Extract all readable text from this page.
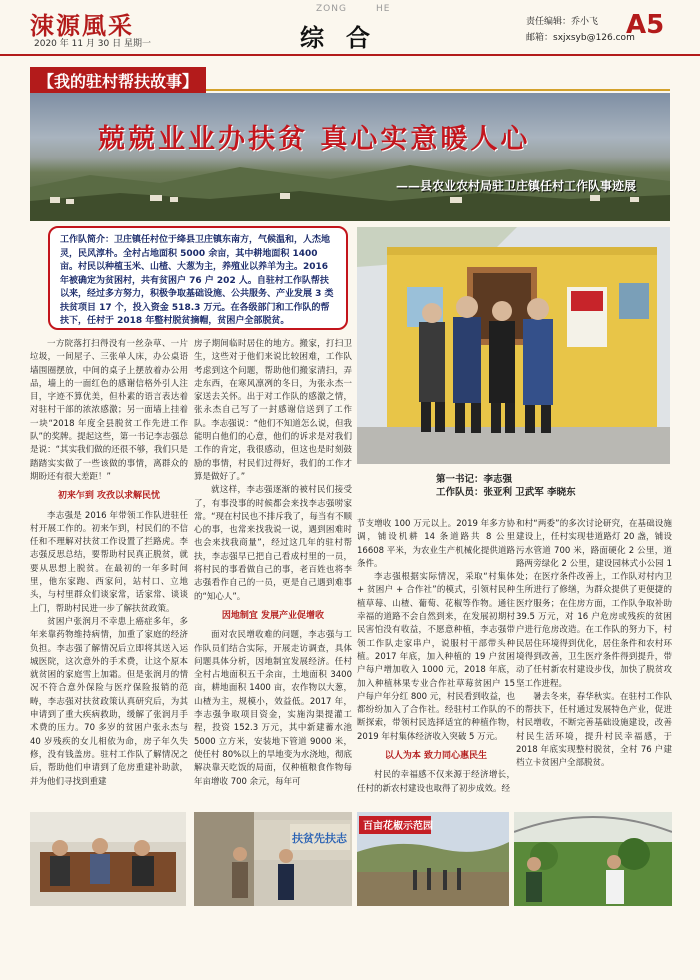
涑源風采
2020 年 11 月 30 日 星期一
ZONG	HE
综合
责任编辑：乔小飞
邮箱：sxjxsyb@126.com
A5
【我的驻村帮扶故事】
兢兢业业办扶贫 真心实意暖人心
——县农业农村局驻卫庄镇任村工作队事迹展
工作队简介：卫庄镇任村位于绛县卫庄镇东南方，气候温和，人杰地灵，民风淳朴。全村占地面积 5000 余亩，其中耕地面积 1400 亩。村民以种植玉米、山楂、大葱为主，养殖业以养羊为主。2016 年被确定为贫困村，共有贫困户 76 户 202 人。自驻村工作队帮扶以来，经过多方努力，积极争取基础设施、公共服务、产业发展 3 类扶贫项目 17 个，投入资金 518.3 万元。在各级部门和工作队的帮扶下，任村于 2018 年整村脱贫摘帽，贫困户全部脱贫。
第一书记：李志强
工作队员：张亚利 卫武军 李晓东

一方院落打扫得没有一丝杂草、一片垃圾，一间屋子、三张单人床，办公桌语墙围圈摆放，中间的桌子上摆放着办公用品，墙上的一面红色的感谢信格外引人注目，字迹不算优美，但朴素的语言表达着对驻村干部的浓浓感激；另一面墙上挂着一块“2018 年度全县脱贫工作先进工作队”的奖牌。提起这些，第一书记李志强总是说：“其实我们做的还很不够，我们只是踏踏实实做了一些该做的事情，离群众的期盼还有很大差距！”

初来乍到 攻孜以求解民忧

李志强是 2016 年带领工作队进驻任村开展工作的。初来乍到，村民们的不信任和不理解对扶贫工作设置了拦路虎。李志强反思总结，要帮助村民真正脱贫，就要从思想上脱贫。在最初的一年多时间里，他东家跑、西家问，站村口、立地头，与村里群众们谈家常，话家常、谈谈上门，帮助村民进一步了解扶贫政策。

贫困户张润月不幸患上癌症多年，多年来靠药物维持病情，加重了家庭的经济负担。李志强了解情况后立即将其送入运城医院，这次意外的手术费，让这个原本就贫困的家庭雪上加霜。但是张润月的情况不符合意外保险与医疗保险报销的范畴，李志强对扶贫政策认真研究后，为其申请到了重大疾病救助，缓解了张润月手术费的压力。70 多岁的贫困户张永杰与 40 岁残疾的女儿相依为命，房子年久失修，没有钱盖房。驻村工作队了解情况之后，帮助他们申请到了危房重建补助款，并为他们寻找到重建

房子期间临时居住的地方。搬家，打扫卫生，这些对于他们来说比较困难，工作队考虑到这个问题，帮助他们搬家清扫，弄走东西，在寒风凛冽的冬日，为张永杰一家送去关怀。出于对工作队的感激之情，张永杰自己写了一封感谢信送到了工作队。李志强说：“他们不知道怎么说，但我能明白他们的心意，他们的诉求是对我们工作的肯定，我很感动，但这也是时刻鼓励的事情，村民们过得好，我们的工作才算是做好了。”

就这样，李志强逐渐的被村民们接受了，有事没事的时候都会来找李志强唠家常。“现在村民也不排斥我了，每当有不顺心的事，也常来找我说一说，遇到困难时也会来找我商量”，经过这几年的驻村帮扶，李志强早已把自己看成村里的一员，将村民的事看做自己的事，老百姓也将李志强看作自己的一员，更是自己遇到难事的“知心人”。

因地制宜 发展产业促增收

面对农民增收难的问题，李志强与工作队员们结合实际，开展走访调查，具体问题具体分析，因地制宜发展经济。任村全村占地面积五千余亩，土地面积 3400 亩，耕地面积 1400 亩，农作物以大葱，山楂为主，规模小，效益低。2017 年，李志强争取项目资金，实施沟渠提灌工程，投资 152.3 万元，其中新建蓄水池 5000 立方米，安装地下管道 9000 米，使任村 80%以上的旱地变为水浇地，彻底解决靠天吃饭的局面，仅种植粮食作物每年亩增收 700 余元，每年可

节支增收 100 万元以上。2019 年多方协调，铺设机耕 14 条道路共 8 公里 16608 平米，为农业生产机械化提供道路条件。

李志强根据实际情况，采取“村集体 + 贫困户 + 合作社”的模式，引领村民种植草莓、山楂、葡萄、花椒等作物。通往幸福的道路不会自然到来，在发展初期村民害怕没有收益，不愿意种植，李志强带领工作队走家串户，说服村干部带头种植。2017 年底，加入种植的 19 户贫困户每户增加收入 1000 元，2018 年底，加入种植林果专业合作社草莓贫困户 15 户每户年分红 800 元，村民看到收益，也都纷纷加入了合作社。经驻村工作队的不断探索，带领村民选择适宜的种植作物，2019 年村集体经济收入突破 5 万元。

以人为本 致力同心惠民生

村民的幸福感不仅来源于经济增长，任村的新农村建设也取得了初步成效。经

和村“两委”的多次讨论研究，在基础设施建设上，任村实现巷道路灯 20 盏，铺设污水管道 700 米，路面硬化 2 公里，道路两旁绿化 2 公里，建设园林式小公园 1 处；在医疗条件改善上，工作队对村内卫生所进行了修缮，为群众提供了更便捷的医疗服务；在住房方面，工作队争取补助 39.5 万元，对 16 户危房或残疾的贫困户进行危房改造。在工作队的努力下，村民居住环境得到优化，居住条件和农村环境得到改善，卫生医疗条件得到提升，带动了任村新农村建设步伐，加快了脱贫攻坚工作进程。

暑去冬来，春华秋实。在驻村工作队的帮扶下，任村通过发展特色产业，促进村民增收，不断完善基础设施建设，改善村民生活环境，提升村民幸福感，于 2018 年底实现整村脱贫，全村 76 户建档立卡贫困户全部脱贫。

扶贫先扶志
百亩花椒示范园
